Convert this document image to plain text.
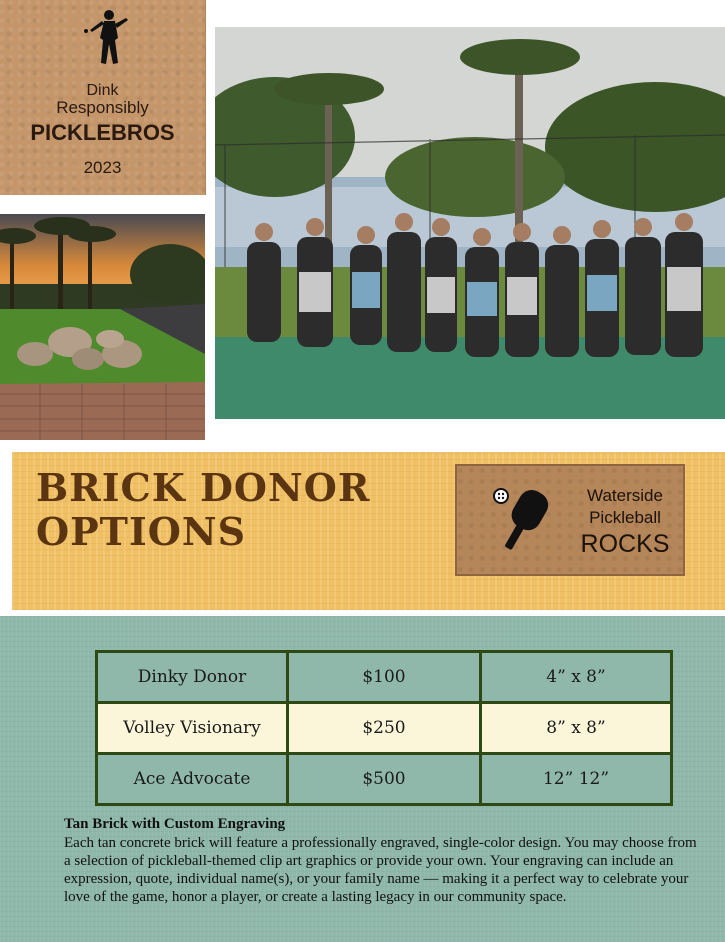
Dink
Responsibly
PICKLEBROS
2023
BRICK DONOR
OPTIONS
Waterside
Pickleball
ROCKS
Dinky Donor	$100	4” x 8”
Volley Visionary	$250	8” x 8”
Ace Advocate	$500	12” 12”
Tan Brick with Custom Engraving
Each tan concrete brick will feature a professionally engraved, single-color design. You may choose from a selection of pickleball-themed clip art graphics or provide your own. Your engraving can include an expression, quote, individual name(s), or your family name — making it a perfect way to celebrate your love of the game, honor a player, or create a lasting legacy in our community space.
